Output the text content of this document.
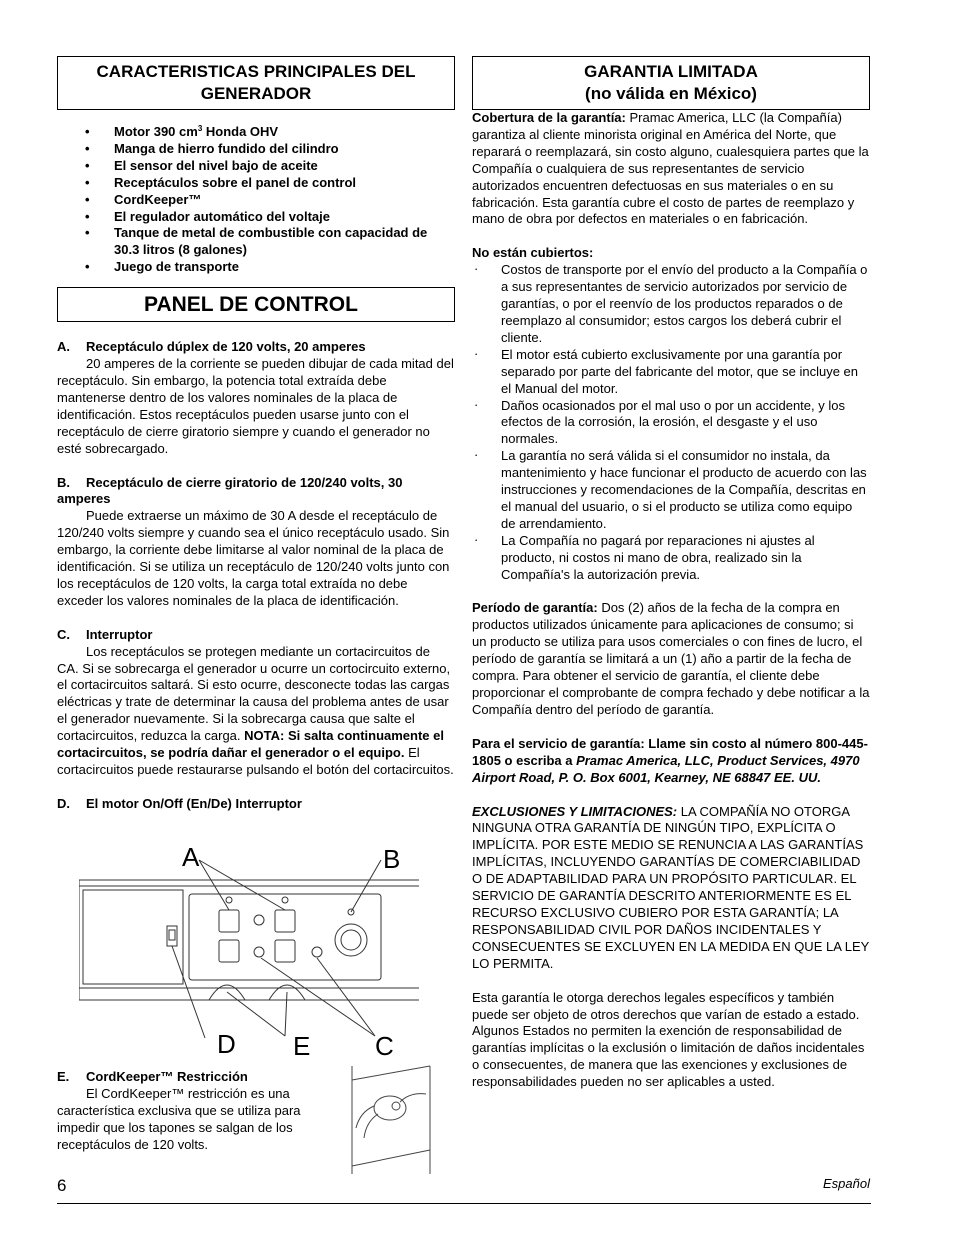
CARACTERISTICAS PRINCIPALES DEL
GENERADOR
• Motor 390 $cm^3$ Honda OHV
• Manga de hierro fundido del cilindro
• El sensor del nivel bajo de aceite
• Receptáculos sobre el panel de control
• CordKeeper™
• El regulador automático del voltaje
• Tanque de metal de combustible con capacidad de 30.3 litros (8 galones)
• Juego de transporte
PANEL DE CONTROL
A. Receptáculo dúplex de 120 volts, 20 amperes

20 amperes de la corriente se pueden dibujar de cada mitad del receptáculo. Sin embargo, la potencia total extraída debe mantenerse dentro de los valores nominales de la placa de identificación. Estos receptáculos pueden usarse junto con el receptáculo de cierre giratorio siempre y cuando el generador no esté sobrecargado.

B. Receptáculo de cierre giratorio de 120/240 volts, 30 amperes

Puede extraerse un máximo de 30 A desde el receptáculo de 120/240 volts siempre y cuando sea el único receptáculo usado. Sin embargo, la corriente debe limitarse al valor nominal de la placa de identificación. Si se utiliza un receptáculo de 120/240 volts junto con los receptáculos de 120 volts, la carga total extraída no debe exceder los valores nominales de la placa de identificación.

C. Interruptor

Los receptáculos se protegen mediante un cortacircuitos de CA. Si se sobrecarga el generador u ocurre un cortocircuito externo, el cortacircuitos saltará. Si esto ocurre, desconecte todas las cargas eléctricas y trate de determinar la causa del problema antes de usar el generador nuevamente. Si la sobrecarga causa que salte el cortacircuitos, reduzca la carga. NOTA: Si salta continuamente el cortacircuitos, se podría dañar el generador o el equipo. El cortacircuitos puede restaurarse pulsando el botón del cortacircuitos.

D. El motor On/Off (En/De) Interruptor
A	B
C
D E
E. CordKeeper™ Restricción

El CordKeeper™ restricción es una característica exclusiva que se utiliza para impedir que los tapones se salgan de los receptáculos de 120 volts.

GARANTIA LIMITADA
(no válida en México)

Cobertura de la garantía: Pramac America, LLC (la Compañía) garantiza al cliente minorista original en América del Norte, que reparará o reemplazará, sin costo alguno, cualesquiera partes que la Compañía o cualquiera de sus representantes de servicio autorizados encuentren defectuosas en sus materiales o en su fabricación. Esta garantía cubre el costo de partes de reemplazo y mano de obra por defectos en materiales o en fabricación.

No están cubiertos:

· Costos de transporte por el envío del producto a la Compañía o a sus representantes de servicio autorizados por servicio de garantías, o por el reenvío de los productos reparados o de reemplazo al consumidor; estos cargos los deberá cubrir el cliente.
· El motor está cubierto exclusivamente por una garantía por separado por parte del fabricante del motor, que se incluye en el Manual del motor.
· Daños ocasionados por el mal uso o por un accidente, y los efectos de la corrosión, la erosión, el desgaste y el uso normales.
· La garantía no será válida si el consumidor no instala, da mantenimiento y hace funcionar el producto de acuerdo con las instrucciones y recomendaciones de la Compañía, descritas en el manual del usuario, o si el producto se utiliza como equipo de arrendamiento.
· La Compañía no pagará por reparaciones ni ajustes al producto, ni costos ni mano de obra, realizado sin la Compañía's la autorización previa.

Período de garantía: Dos (2) años de la fecha de la compra en productos utilizados únicamente para aplicaciones de consumo; si un producto se utiliza para usos comerciales o con fines de lucro, el período de garantía se limitará a un (1) año a partir de la fecha de compra. Para obtener el servicio de garantía, el cliente debe proporcionar el comprobante de compra fechado y debe notificar a la Compañía dentro del período de garantía.

Para el servicio de garantía: Llame sin costo al número 800-445-1805 o escriba a Pramac America, LLC, Product Services, 4970 Airport Road, P. O. Box 6001, Kearney, NE 68847 EE. UU.

EXCLUSIONES Y LIMITACIONES: LA COMPAÑÍA NO OTORGA NINGUNA OTRA GARANTÍA DE NINGÚN TIPO, EXPLÍCITA O IMPLÍCITA. POR ESTE MEDIO SE RENUNCIA A LAS GARANTÍAS IMPLÍCITAS, INCLUYENDO GARANTÍAS DE COMERCIABILIDAD O DE ADAPTABILIDAD PARA UN PROPÓSITO PARTICULAR. EL SERVICIO DE GARANTÍA DESCRITO ANTERIORMENTE ES EL RECURSO EXCLUSIVO CUBIERO POR ESTA GARANTÍA; LA RESPONSABILIDAD CIVIL POR DAÑOS INCIDENTALES Y CONSECUENTES SE EXCLUYEN EN LA MEDIDA EN QUE LA LEY LO PERMITA.

Esta garantía le otorga derechos legales específicos y también puede ser objeto de otros derechos que varían de estado a estado. Algunos Estados no permiten la exención de responsabilidad de garantías implícitas o la exclusión o limitación de daños incidentales o consecuentes, de manera que las exenciones y exclusiones de responsabilidades pueden no ser aplicables a usted.

6	Español
